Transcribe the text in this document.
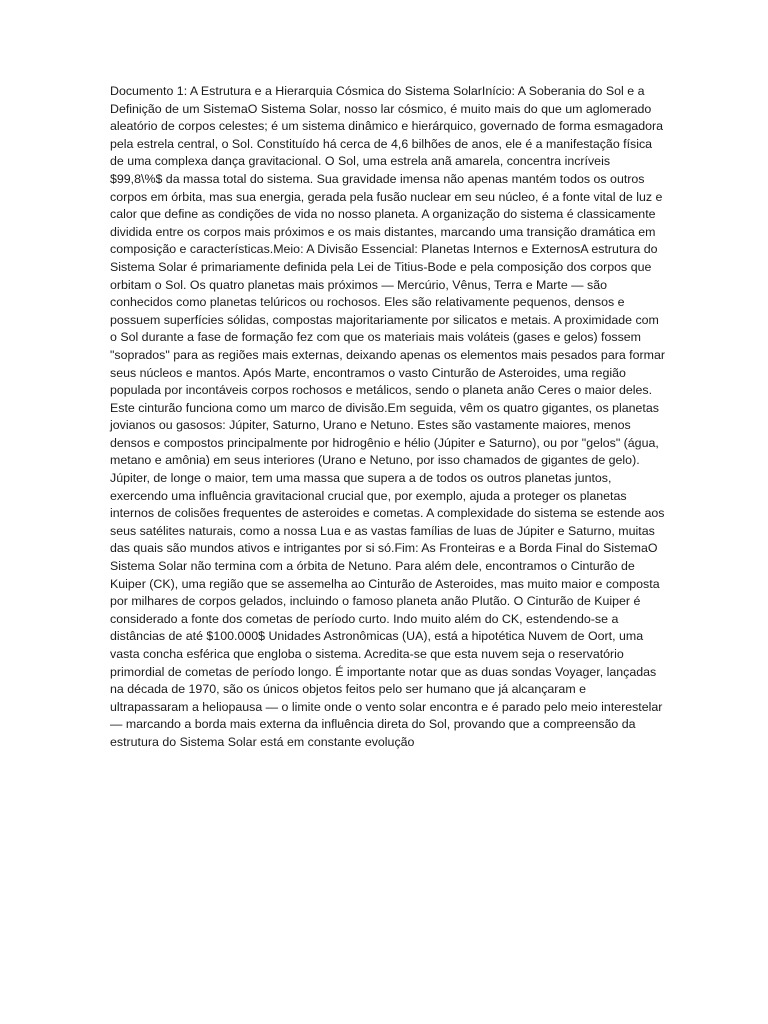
Documento 1: A Estrutura e a Hierarquia Cósmica do Sistema SolarInício: A Soberania do Sol e a Definição de um SistemaO Sistema Solar, nosso lar cósmico, é muito mais do que um aglomerado aleatório de corpos celestes; é um sistema dinâmico e hierárquico, governado de forma esmagadora pela estrela central, o Sol. Constituído há cerca de 4,6 bilhões de anos, ele é a manifestação física de uma complexa dança gravitacional. O Sol, uma estrela anã amarela, concentra incríveis $99,8\%$ da massa total do sistema. Sua gravidade imensa não apenas mantém todos os outros corpos em órbita, mas sua energia, gerada pela fusão nuclear em seu núcleo, é a fonte vital de luz e calor que define as condições de vida no nosso planeta. A organização do sistema é classicamente dividida entre os corpos mais próximos e os mais distantes, marcando uma transição dramática em composição e características.Meio: A Divisão Essencial: Planetas Internos e ExternosA estrutura do Sistema Solar é primariamente definida pela Lei de Titius-Bode e pela composição dos corpos que orbitam o Sol. Os quatro planetas mais próximos — Mercúrio, Vênus, Terra e Marte — são conhecidos como planetas telúricos ou rochosos. Eles são relativamente pequenos, densos e possuem superfícies sólidas, compostas majoritariamente por silicatos e metais. A proximidade com o Sol durante a fase de formação fez com que os materiais mais voláteis (gases e gelos) fossem "soprados" para as regiões mais externas, deixando apenas os elementos mais pesados para formar seus núcleos e mantos. Após Marte, encontramos o vasto Cinturão de Asteroides, uma região populada por incontáveis corpos rochosos e metálicos, sendo o planeta anão Ceres o maior deles. Este cinturão funciona como um marco de divisão.Em seguida, vêm os quatro gigantes, os planetas jovianos ou gasosos: Júpiter, Saturno, Urano e Netuno. Estes são vastamente maiores, menos densos e compostos principalmente por hidrogênio e hélio (Júpiter e Saturno), ou por "gelos" (água, metano e amônia) em seus interiores (Urano e Netuno, por isso chamados de gigantes de gelo). Júpiter, de longe o maior, tem uma massa que supera a de todos os outros planetas juntos, exercendo uma influência gravitacional crucial que, por exemplo, ajuda a proteger os planetas internos de colisões frequentes de asteroides e cometas. A complexidade do sistema se estende aos seus satélites naturais, como a nossa Lua e as vastas famílias de luas de Júpiter e Saturno, muitas das quais são mundos ativos e intrigantes por si só.Fim: As Fronteiras e a Borda Final do SistemaO Sistema Solar não termina com a órbita de Netuno. Para além dele, encontramos o Cinturão de Kuiper (CK), uma região que se assemelha ao Cinturão de Asteroides, mas muito maior e composta por milhares de corpos gelados, incluindo o famoso planeta anão Plutão. O Cinturão de Kuiper é considerado a fonte dos cometas de período curto. Indo muito além do CK, estendendo-se a distâncias de até $100.000$ Unidades Astronômicas (UA), está a hipotética Nuvem de Oort, uma vasta concha esférica que engloba o sistema. Acredita-se que esta nuvem seja o reservatório primordial de cometas de período longo. É importante notar que as duas sondas Voyager, lançadas na década de 1970, são os únicos objetos feitos pelo ser humano que já alcançaram e ultrapassaram a heliopausa — o limite onde o vento solar encontra e é parado pelo meio interestelar — marcando a borda mais externa da influência direta do Sol, provando que a compreensão da estrutura do Sistema Solar está em constante evolução
